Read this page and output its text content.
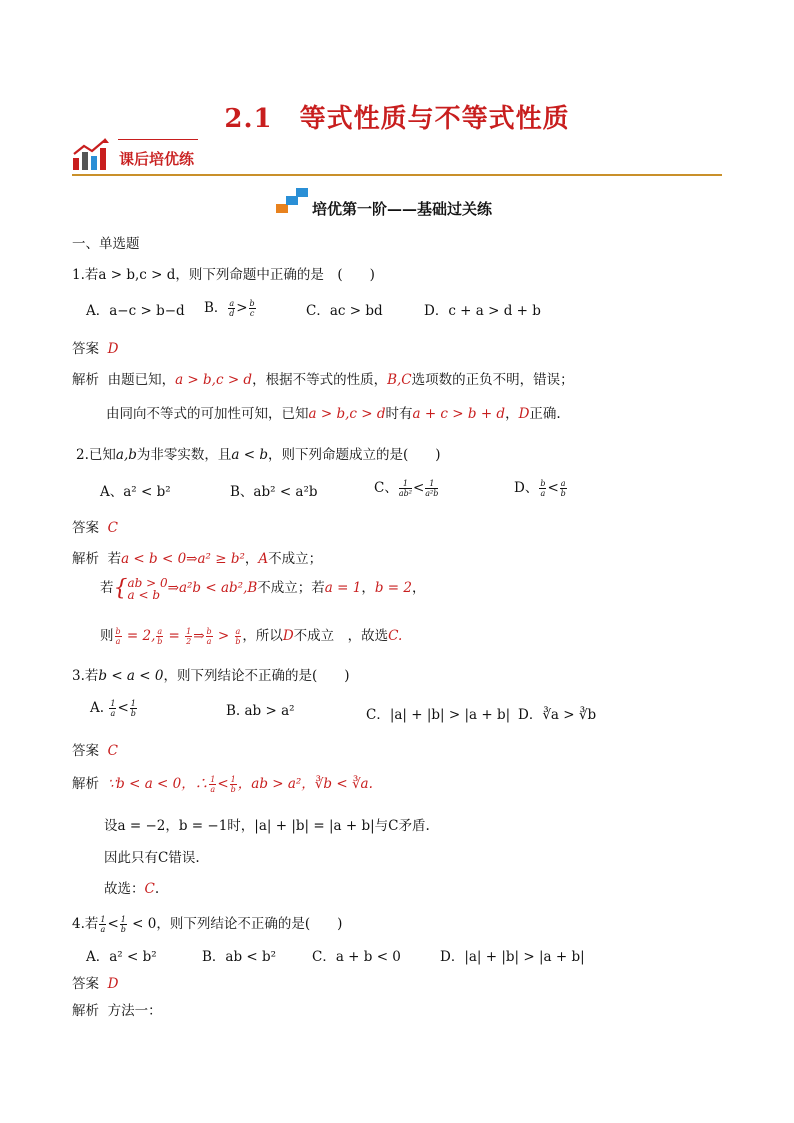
2.1　等式性质与不等式性质
课后培优练
培优第一阶——基础过关练
一、单选题
1.若a > b,c > d，则下列命题中正确的是　(　　)
A．a−c > b−d B． $\frac{a}{d} > \frac{b}{c}$	C．ac > bd	D．c + a > d + b
答案 D
解析 由题已知，a > b,c > d，根据不等式的性质，B,C选项数的正负不明，错误；
由同向不等式的可加性可知，已知a > b,c > d时有a + c > b + d，D正确.
2.已知a,b为非零实数，且a < b，则下列命题成立的是(　　)
A、a² < b²	B、ab² < a²b	C、 $\frac{1}{\text{ab²}} < \frac{1}{\text{a²b}}$	D、 $\frac{b}{a} < \frac{a}{b}$
答案 C
解析 若a < b < 0⇒a² ≥ b²，A不成立；
若{ ab > 0
a < b ⇒a²b < ab²,B不成立；若a = 1，b = 2，
则 $\frac{b}{a} = 2$, $\frac{a}{b} = \frac{1}{2}$ ⇒ $\frac{b}{a} > \frac{a}{b}$ ，所以D不成立　，故选C.
3.若b < a < 0，则下列结论不正确的是(　　)
A. $\frac{1}{a} < \frac{1}{b}$	B. ab > a²	C．|a| + |b| > |a + b| D．∛a > ∛b
答案 C
解析 ∵b < a < 0，∴ $\frac{1}{a} < \frac{1}{b}$ ，ab > a²，∛b < ∛a.
设a = −2，b = −1时，|a| + |b| = |a + b|与C矛盾.
因此只有C错误.
故选：C.
4.若 $\frac{1}{a} < \frac{1}{b} < 0$，则下列结论不正确的是(　　)
A．a² < b²	B．ab < b²	C．a + b < 0	D．|a| + |b| > |a + b|
答案 D
解析 方法一：
